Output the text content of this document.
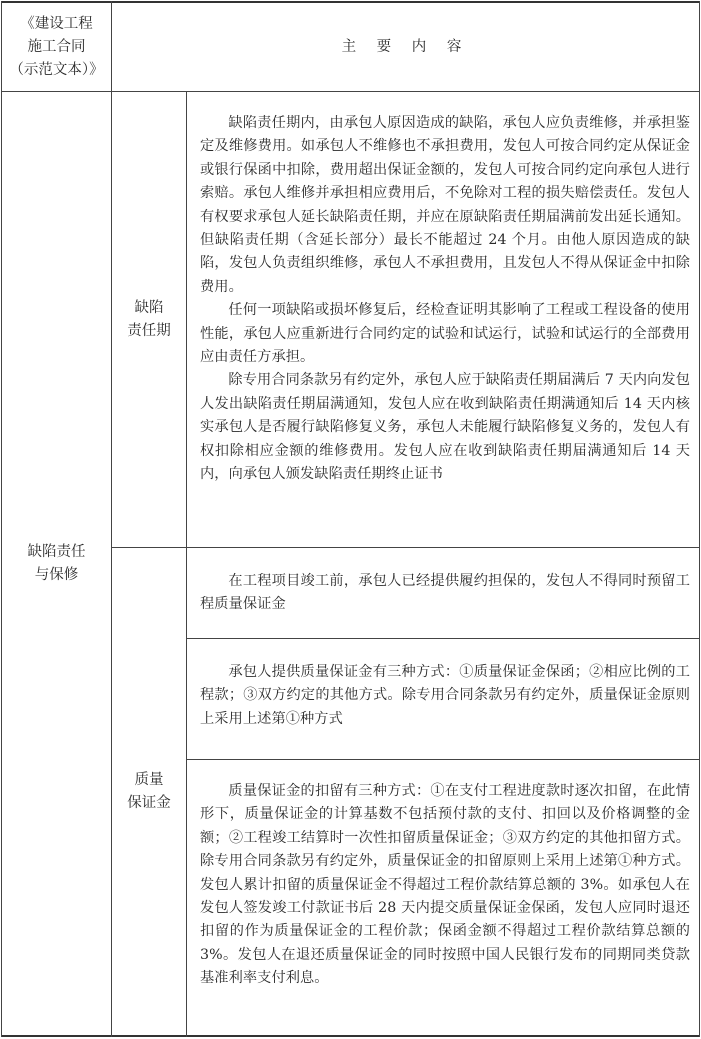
《建设工程
施工合同
（示范文本）》
主 要 内 容
缺陷责任
与保修
缺陷
责任期

缺陷责任期内，由承包人原因造成的缺陷，承包人应负责维修，并承担鉴定及维修费用。如承包人不维修也不承担费用，发包人可按合同约定从保证金或银行保函中扣除，费用超出保证金额的，发包人可按合同约定向承包人进行索赔。承包人维修并承担相应费用后，不免除对工程的损失赔偿责任。发包人有权要求承包人延长缺陷责任期，并应在原缺陷责任期届满前发出延长通知。但缺陷责任期（含延长部分）最长不能超过 24 个月。由他人原因造成的缺陷，发包人负责组织维修，承包人不承担费用，且发包人不得从保证金中扣除费用。

任何一项缺陷或损坏修复后，经检查证明其影响了工程或工程设备的使用性能，承包人应重新进行合同约定的试验和试运行，试验和试运行的全部费用应由责任方承担。

除专用合同条款另有约定外，承包人应于缺陷责任期届满后 7 天内向发包人发出缺陷责任期届满通知，发包人应在收到缺陷责任期满通知后 14 天内核实承包人是否履行缺陷修复义务，承包人未能履行缺陷修复义务的，发包人有权扣除相应金额的维修费用。发包人应在收到缺陷责任期届满通知后 14 天内，向承包人颁发缺陷责任期终止证书

质量
保证金

在工程项目竣工前，承包人已经提供履约担保的，发包人不得同时预留工程质量保证金

承包人提供质量保证金有三种方式：①质量保证金保函；②相应比例的工程款；③双方约定的其他方式。除专用合同条款另有约定外，质量保证金原则上采用上述第①种方式

质量保证金的扣留有三种方式：①在支付工程进度款时逐次扣留，在此情形下，质量保证金的计算基数不包括预付款的支付、扣回以及价格调整的金额；②工程竣工结算时一次性扣留质量保证金；③双方约定的其他扣留方式。除专用合同条款另有约定外，质量保证金的扣留原则上采用上述第①种方式。发包人累计扣留的质量保证金不得超过工程价款结算总额的 3%。如承包人在发包人签发竣工付款证书后 28 天内提交质量保证金保函，发包人应同时退还扣留的作为质量保证金的工程价款；保函金额不得超过工程价款结算总额的 3%。发包人在退还质量保证金的同时按照中国人民银行发布的同期同类贷款基准利率支付利息。
